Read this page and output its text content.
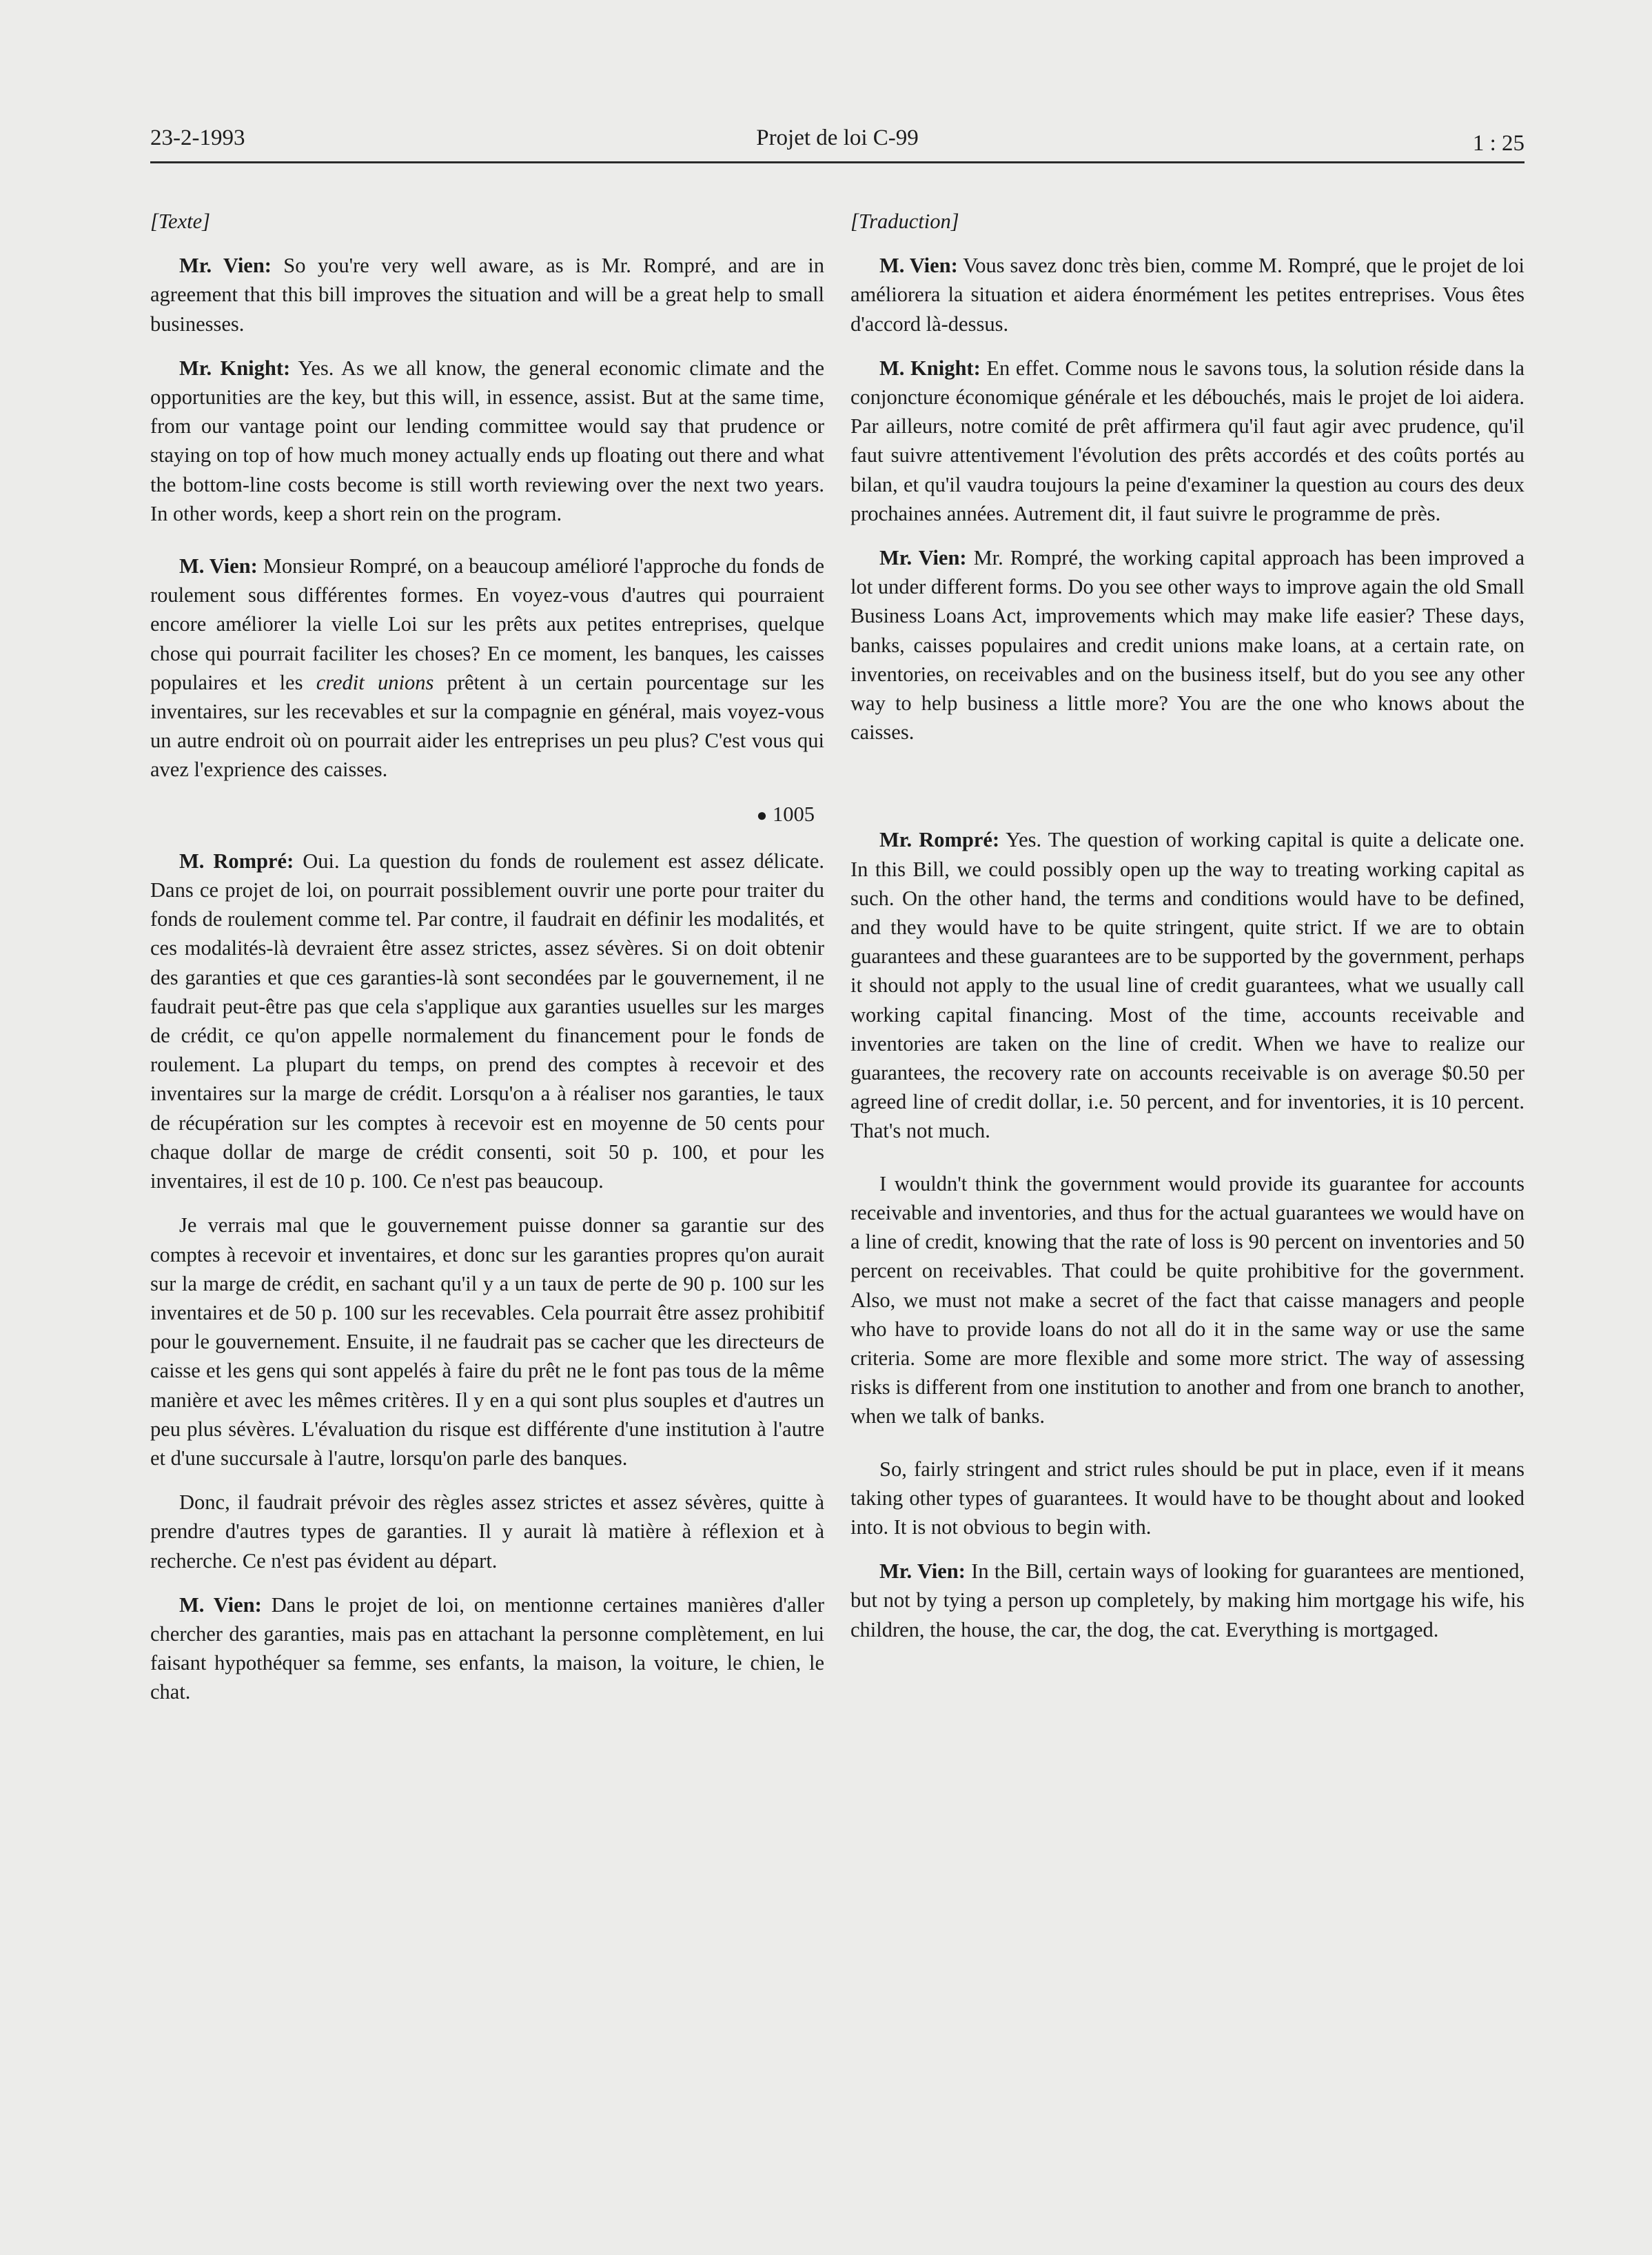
23-2-1993	Projet de loi C-99	1 : 25
[Texte]

Mr. Vien: So you're very well aware, as is Mr. Rompré, and are in agreement that this bill improves the situation and will be a great help to small businesses.

Mr. Knight: Yes. As we all know, the general economic climate and the opportunities are the key, but this will, in essence, assist. But at the same time, from our vantage point our lending committee would say that prudence or staying on top of how much money actually ends up floating out there and what the bottom-line costs become is still worth reviewing over the next two years. In other words, keep a short rein on the program.

M. Vien: Monsieur Rompré, on a beaucoup amélioré l'approche du fonds de roulement sous différentes formes. En voyez-vous d'autres qui pourraient encore améliorer la vielle Loi sur les prêts aux petites entreprises, quelque chose qui pourrait faciliter les choses? En ce moment, les banques, les caisses populaires et les credit unions prêtent à un certain pourcentage sur les inventaires, sur les recevables et sur la compagnie en général, mais voyez-vous un autre endroit où on pourrait aider les entreprises un peu plus? C'est vous qui avez l'exprience des caisses.

● 1005

M. Rompré: Oui. La question du fonds de roulement est assez délicate. Dans ce projet de loi, on pourrait possiblement ouvrir une porte pour traiter du fonds de roulement comme tel. Par contre, il faudrait en définir les modalités, et ces modalités-là devraient être assez strictes, assez sévères. Si on doit obtenir des garanties et que ces garanties-là sont secondées par le gouvernement, il ne faudrait peut-être pas que cela s'applique aux garanties usuelles sur les marges de crédit, ce qu'on appelle normalement du financement pour le fonds de roulement. La plupart du temps, on prend des comptes à recevoir et des inventaires sur la marge de crédit. Lorsqu'on a à réaliser nos garanties, le taux de récupération sur les comptes à recevoir est en moyenne de 50 cents pour chaque dollar de marge de crédit consenti, soit 50 p. 100, et pour les inventaires, il est de 10 p. 100. Ce n'est pas beaucoup.

Je verrais mal que le gouvernement puisse donner sa garantie sur des comptes à recevoir et inventaires, et donc sur les garanties propres qu'on aurait sur la marge de crédit, en sachant qu'il y a un taux de perte de 90 p. 100 sur les inventaires et de 50 p. 100 sur les recevables. Cela pourrait être assez prohibitif pour le gouvernement. Ensuite, il ne faudrait pas se cacher que les directeurs de caisse et les gens qui sont appelés à faire du prêt ne le font pas tous de la même manière et avec les mêmes critères. Il y en a qui sont plus souples et d'autres un peu plus sévères. L'évaluation du risque est différente d'une institution à l'autre et d'une succursale à l'autre, lorsqu'on parle des banques.

Donc, il faudrait prévoir des règles assez strictes et assez sévères, quitte à prendre d'autres types de garanties. Il y aurait là matière à réflexion et à recherche. Ce n'est pas évident au départ.

M. Vien: Dans le projet de loi, on mentionne certaines manières d'aller chercher des garanties, mais pas en attachant la personne complètement, en lui faisant hypothéquer sa femme, ses enfants, la maison, la voiture, le chien, le chat.

[Traduction]

M. Vien: Vous savez donc très bien, comme M. Rompré, que le projet de loi améliorera la situation et aidera énormément les petites entreprises. Vous êtes d'accord là-dessus.

M. Knight: En effet. Comme nous le savons tous, la solution réside dans la conjoncture économique générale et les débouchés, mais le projet de loi aidera. Par ailleurs, notre comité de prêt affirmera qu'il faut agir avec prudence, qu'il faut suivre attentivement l'évolution des prêts accordés et des coûts portés au bilan, et qu'il vaudra toujours la peine d'examiner la question au cours des deux prochaines années. Autrement dit, il faut suivre le programme de près.

Mr. Vien: Mr. Rompré, the working capital approach has been improved a lot under different forms. Do you see other ways to improve again the old Small Business Loans Act, improvements which may make life easier? These days, banks, caisses populaires and credit unions make loans, at a certain rate, on inventories, on receivables and on the business itself, but do you see any other way to help business a little more? You are the one who knows about the caisses.

Mr. Rompré: Yes. The question of working capital is quite a delicate one. In this Bill, we could possibly open up the way to treating working capital as such. On the other hand, the terms and conditions would have to be defined, and they would have to be quite stringent, quite strict. If we are to obtain guarantees and these guarantees are to be supported by the government, perhaps it should not apply to the usual line of credit guarantees, what we usually call working capital financing. Most of the time, accounts receivable and inventories are taken on the line of credit. When we have to realize our guarantees, the recovery rate on accounts receivable is on average $0.50 per agreed line of credit dollar, i.e. 50 percent, and for inventories, it is 10 percent. That's not much.

I wouldn't think the government would provide its guarantee for accounts receivable and inventories, and thus for the actual guarantees we would have on a line of credit, knowing that the rate of loss is 90 percent on inventories and 50 percent on receivables. That could be quite prohibitive for the government. Also, we must not make a secret of the fact that caisse managers and people who have to provide loans do not all do it in the same way or use the same criteria. Some are more flexible and some more strict. The way of assessing risks is different from one institution to another and from one branch to another, when we talk of banks.

So, fairly stringent and strict rules should be put in place, even if it means taking other types of guarantees. It would have to be thought about and looked into. It is not obvious to begin with.

Mr. Vien: In the Bill, certain ways of looking for guarantees are mentioned, but not by tying a person up completely, by making him mortgage his wife, his children, the house, the car, the dog, the cat. Everything is mortgaged.
